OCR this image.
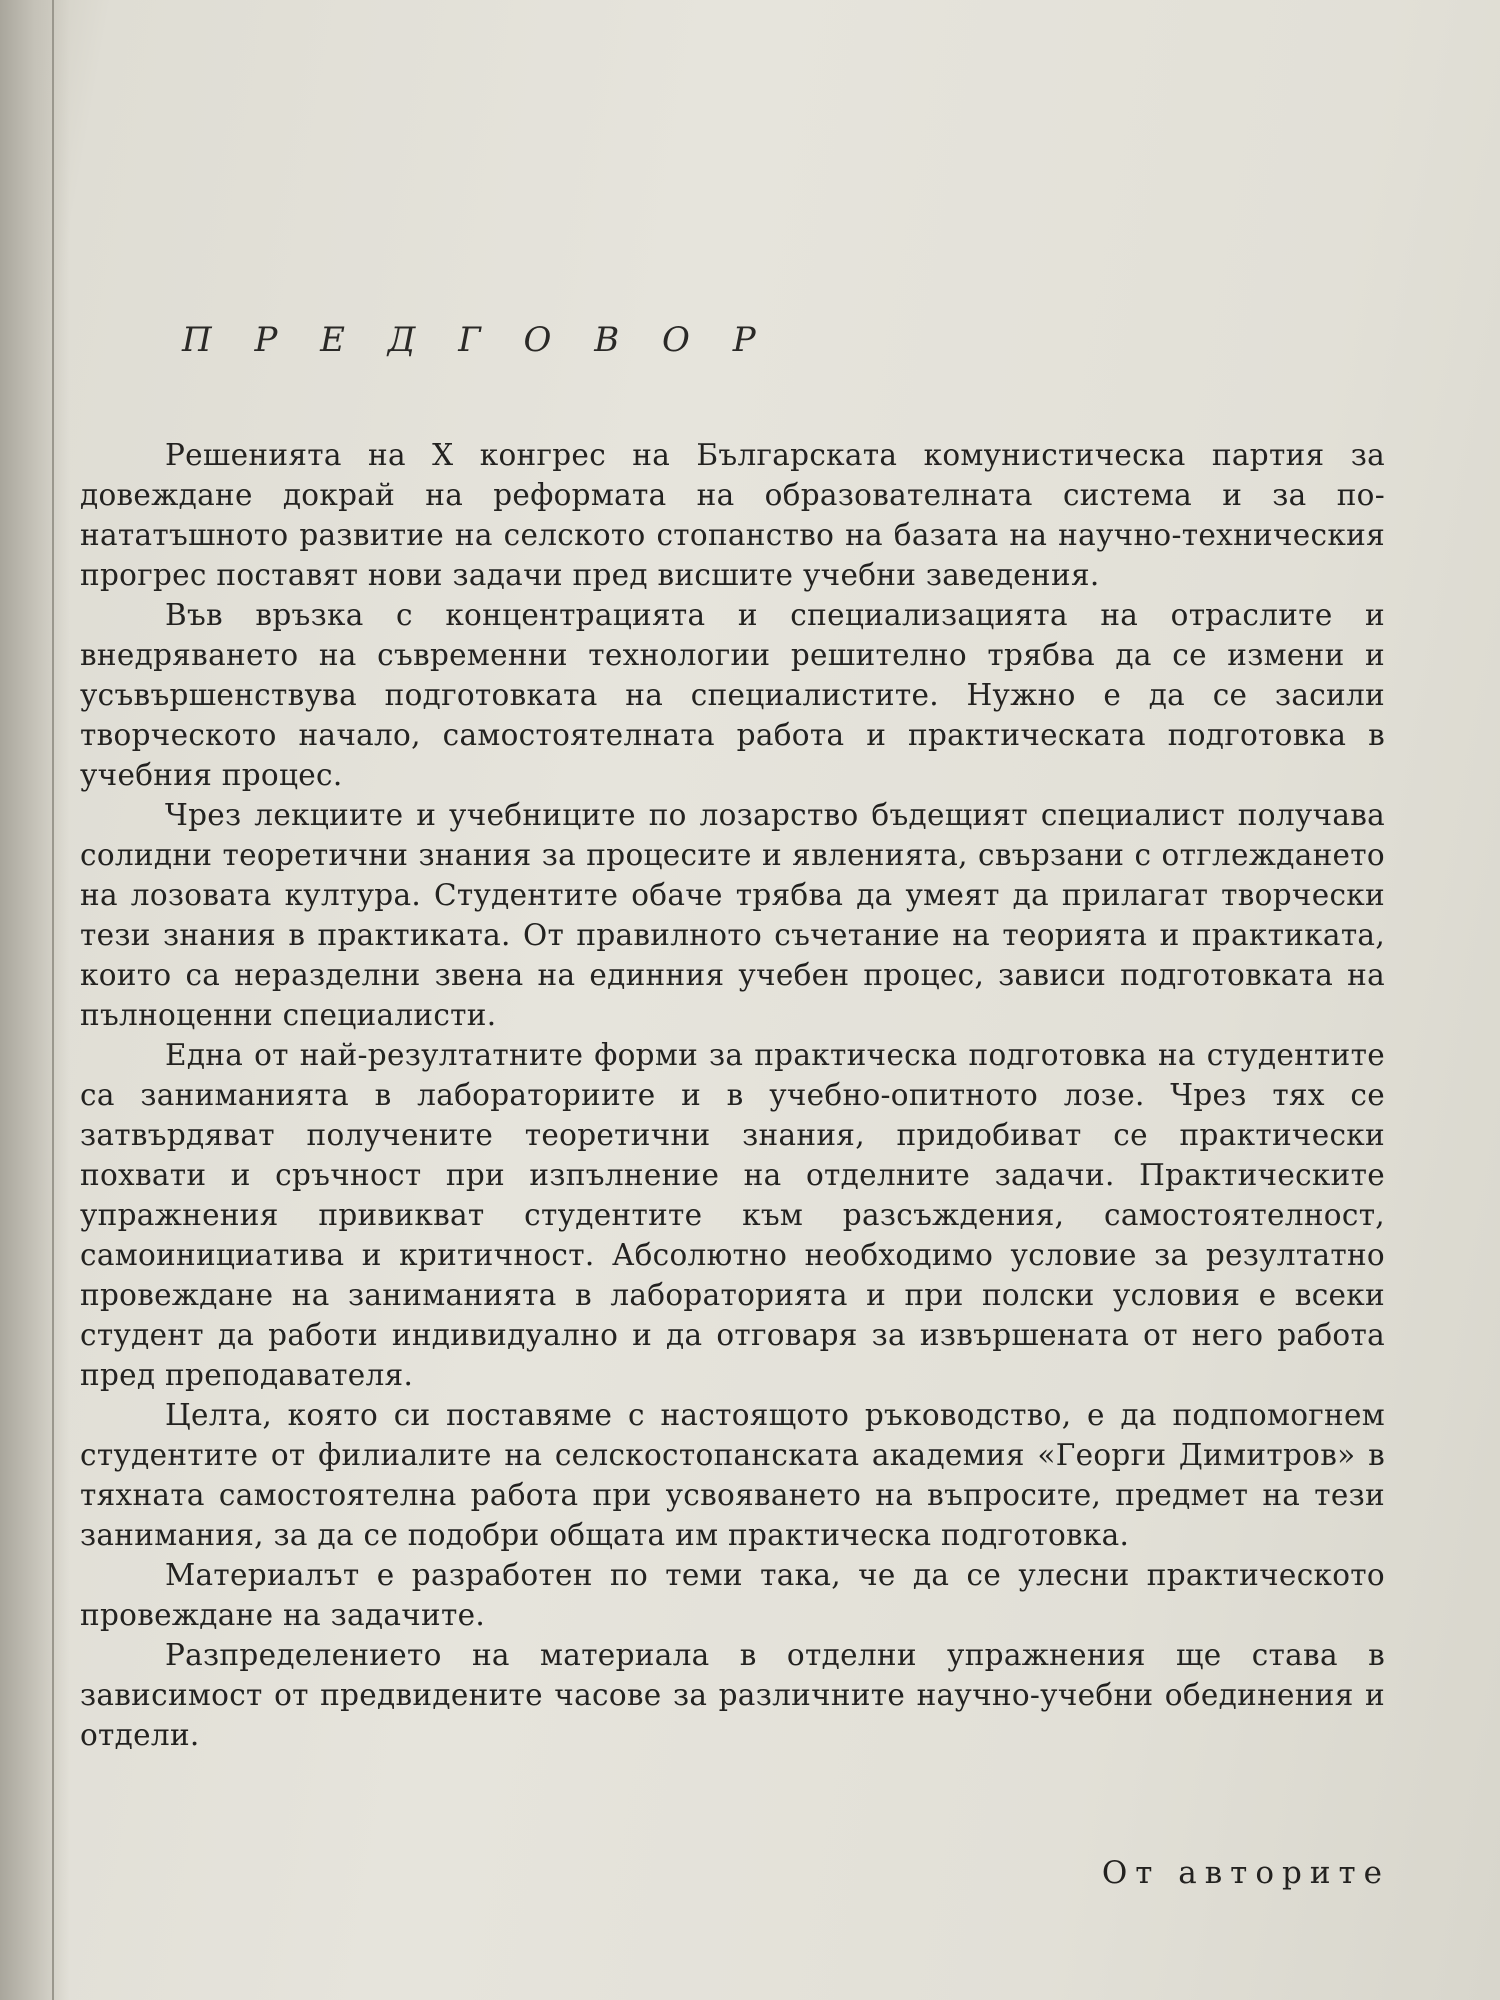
П Р Е Д Г О В О Р

Решенията на X конгрес на Българската комунистическа партия за довеждане докрай на реформата на образователната система и за по-нататъшното развитие на селското стопанство на базата на научно-техническия прогрес поставят нови задачи пред висшите учебни заведения.

Във връзка с концентрацията и специализацията на отраслите и внедряването на съвременни технологии решително трябва да се измени и усъвършенствува подготовката на специалистите. Нужно е да се засили творческото начало, самостоятелната работа и практическата подготовка в учебния процес.

Чрез лекциите и учебниците по лозарство бъдещият специалист получава солидни теоретични знания за процесите и явленията, свързани с отглеждането на лозовата култура. Студентите обаче трябва да умеят да прилагат творчески тези знания в практиката. От правилното съчетание на теорията и практиката, които са неразделни звена на единния учебен процес, зависи подготовката на пълноценни специалисти.

Една от най-резултатните форми за практическа подготовка на студентите са заниманията в лабораториите и в учебно-опитното лозе. Чрез тях се затвърдяват получените теоретични знания, придобиват се практически похвати и сръчност при изпълнение на отделните задачи. Практическите упражнения привикват студентите към разсъждения, самостоятелност, самоинициатива и критичност. Абсолютно необходимо условие за резултатно провеждане на заниманията в лабораторията и при полски условия е всеки студент да работи индивидуално и да отговаря за извършената от него работа пред преподавателя.

Целта, която си поставяме с настоящото ръководство, е да подпомогнем студентите от филиалите на селскостопанската академия «Георги Димитров» в тяхната самостоятелна работа при усвояването на въпросите, предмет на тези занимания, за да се подобри общата им практическа подготовка.

Материалът е разработен по теми така, че да се улесни практическото провеждане на задачите.

Разпределението на материала в отделни упражнения ще става в зависимост от предвидените часове за различните научно-учебни обединения и отдели.

От авторите
